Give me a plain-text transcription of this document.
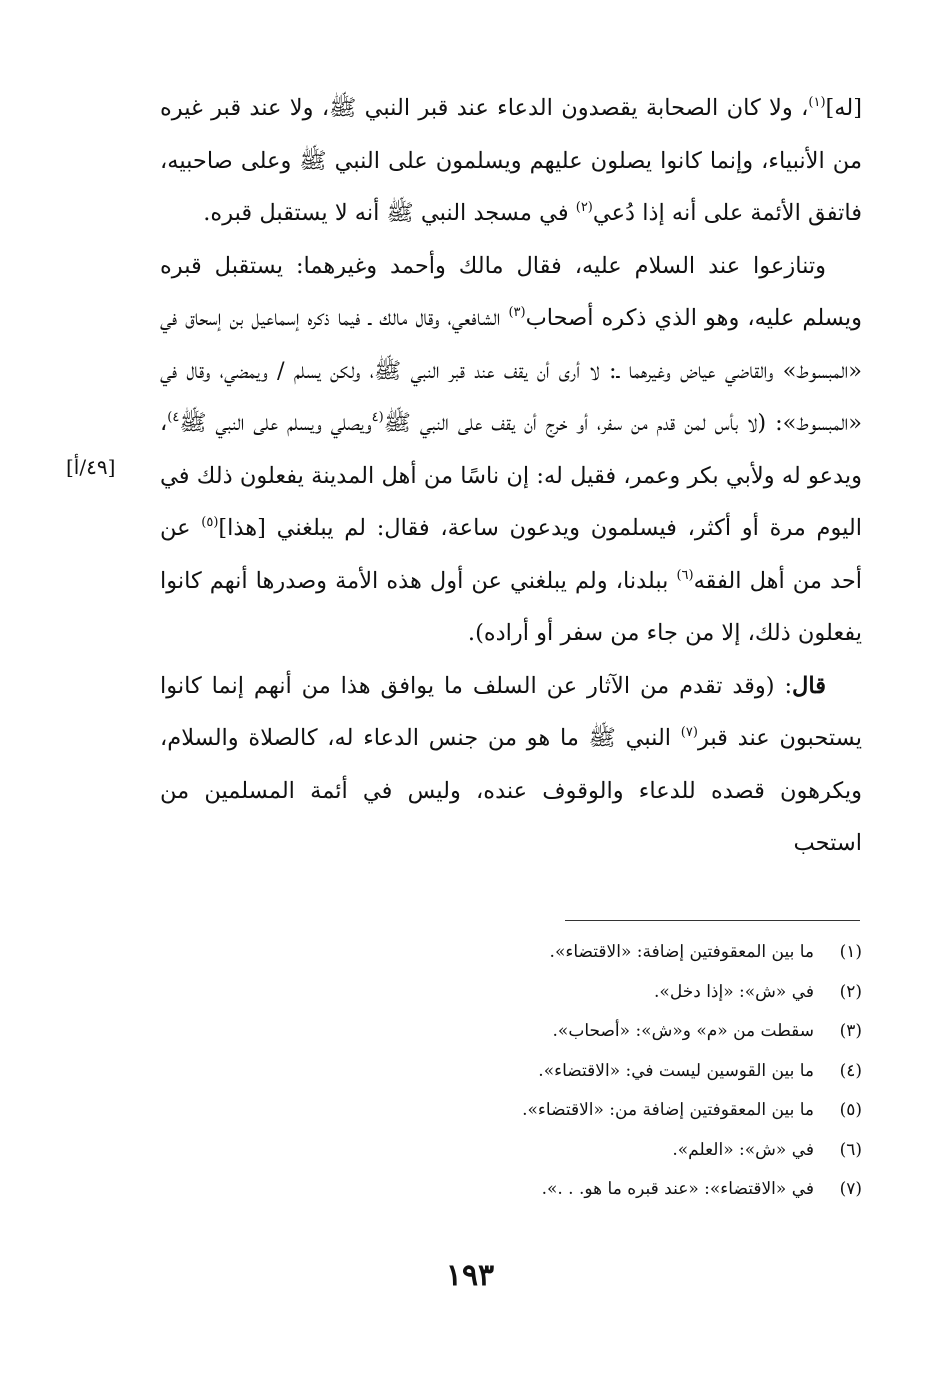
[له]$^{(١)}$، ولا كان الصحابة يقصدون الدعاء عند قبر النبي ﷺ، ولا عند قبر غيره من الأنبياء، وإنما كانوا يصلون عليهم ويسلمون على النبي ﷺ وعلى صاحبيه، فاتفق الأئمة على أنه إذا دُعي$^{(٢)}$ في مسجد النبي ﷺ أنه لا يستقبل قبره.

وتنازعوا عند السلام عليه، فقال مالك وأحمد وغيرهما: يستقبل قبره ويسلم عليه، وهو الذي ذكره أصحاب$^{(٣)}$ الشافعي، وقال مالك ـ فيما ذكره إسماعيل بن إسحاق في «المبسوط» والقاضي عياض وغيرهما ـ: لا أرى أن يقف عند قبر النبي ﷺ، ولكن يسلم / ويمضي، وقال في «المبسوط»: (لا بأس لمن قدم من سفر، أو خرج أن يقف على النبي ﷺ$^{(٤}$ويصلي ويسلم على النبي ﷺ$^{٤)}$، ويدعو له ولأبي بكر وعمر، فقيل له: إن ناسًا من أهل المدينة يفعلون ذلك في اليوم مرة أو أكثر، فيسلمون ويدعون ساعة، فقال: لم يبلغني [هذا]$^{(٥)}$ عن أحد من أهل الفقه$^{(٦)}$ ببلدنا، ولم يبلغني عن أول هذه الأمة وصدرها أنهم كانوا يفعلون ذلك، إلا من جاء من سفر أو أراده).

قال: (وقد تقدم من الآثار عن السلف ما يوافق هذا من أنهم إنما كانوا يستحبون عند قبر$^{(٧)}$ النبي ﷺ ما هو من جنس الدعاء له، كالصلاة والسلام، ويكرهون قصده للدعاء والوقوف عنده، وليس في أئمة المسلمين من استحب

[٤٩/أ]
(١)ما بين المعقوفتين إضافة: «الاقتضاء».
(٢)في «ش»: «إذا دخل».
(٣)سقطت من «م» و«ش»: «أصحاب».
(٤)ما بين القوسين ليست في: «الاقتضاء».
(٥)ما بين المعقوفتين إضافة من: «الاقتضاء».
(٦)في «ش»: «العلم».
(٧)في «الاقتضاء»: «عند قبره ما هو. . .».
١٩٣
